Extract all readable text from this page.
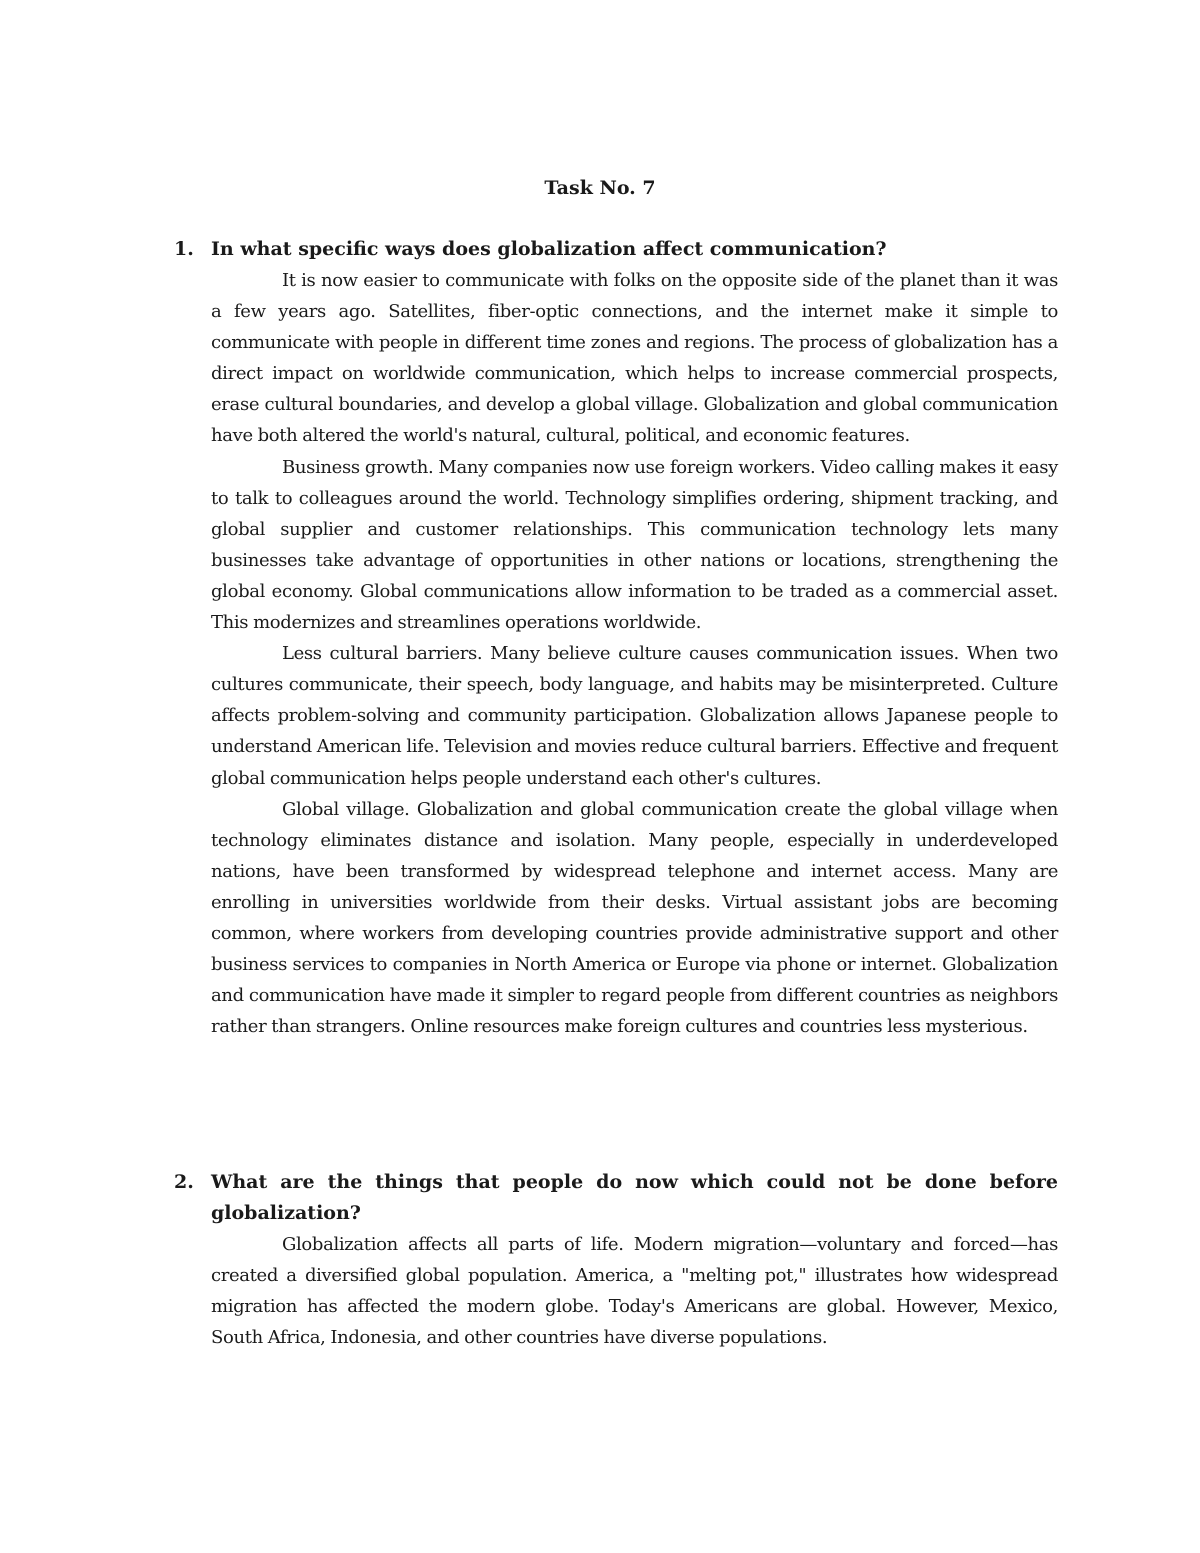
Task No. 7
1. In what specific ways does globalization affect communication?

It is now easier to communicate with folks on the opposite side of the planet than it was a few years ago. Satellites, fiber-optic connections, and the internet make it simple to communicate with people in different time zones and regions. The process of globalization has a direct impact on worldwide communication, which helps to increase commercial prospects, erase cultural boundaries, and develop a global village. Globalization and global communication have both altered the world's natural, cultural, political, and economic features.

Business growth. Many companies now use foreign workers. Video calling makes it easy to talk to colleagues around the world. Technology simplifies ordering, shipment tracking, and global supplier and customer relationships. This communication technology lets many businesses take advantage of opportunities in other nations or locations, strengthening the global economy. Global communications allow information to be traded as a commercial asset. This modernizes and streamlines operations worldwide.

Less cultural barriers. Many believe culture causes communication issues. When two cultures communicate, their speech, body language, and habits may be misinterpreted. Culture affects problem-solving and community participation. Globalization allows Japanese people to understand American life. Television and movies reduce cultural barriers. Effective and frequent global communication helps people understand each other's cultures.

Global village. Globalization and global communication create the global village when technology eliminates distance and isolation. Many people, especially in underdeveloped nations, have been transformed by widespread telephone and internet access. Many are enrolling in universities worldwide from their desks. Virtual assistant jobs are becoming common, where workers from developing countries provide administrative support and other business services to companies in North America or Europe via phone or internet. Globalization and communication have made it simpler to regard people from different countries as neighbors rather than strangers. Online resources make foreign cultures and countries less mysterious.

2. What are the things that people do now which could not be done before globalization?

Globalization affects all parts of life. Modern migration—voluntary and forced—has created a diversified global population. America, a "melting pot," illustrates how widespread migration has affected the modern globe. Today's Americans are global. However, Mexico, South Africa, Indonesia, and other countries have diverse populations.
